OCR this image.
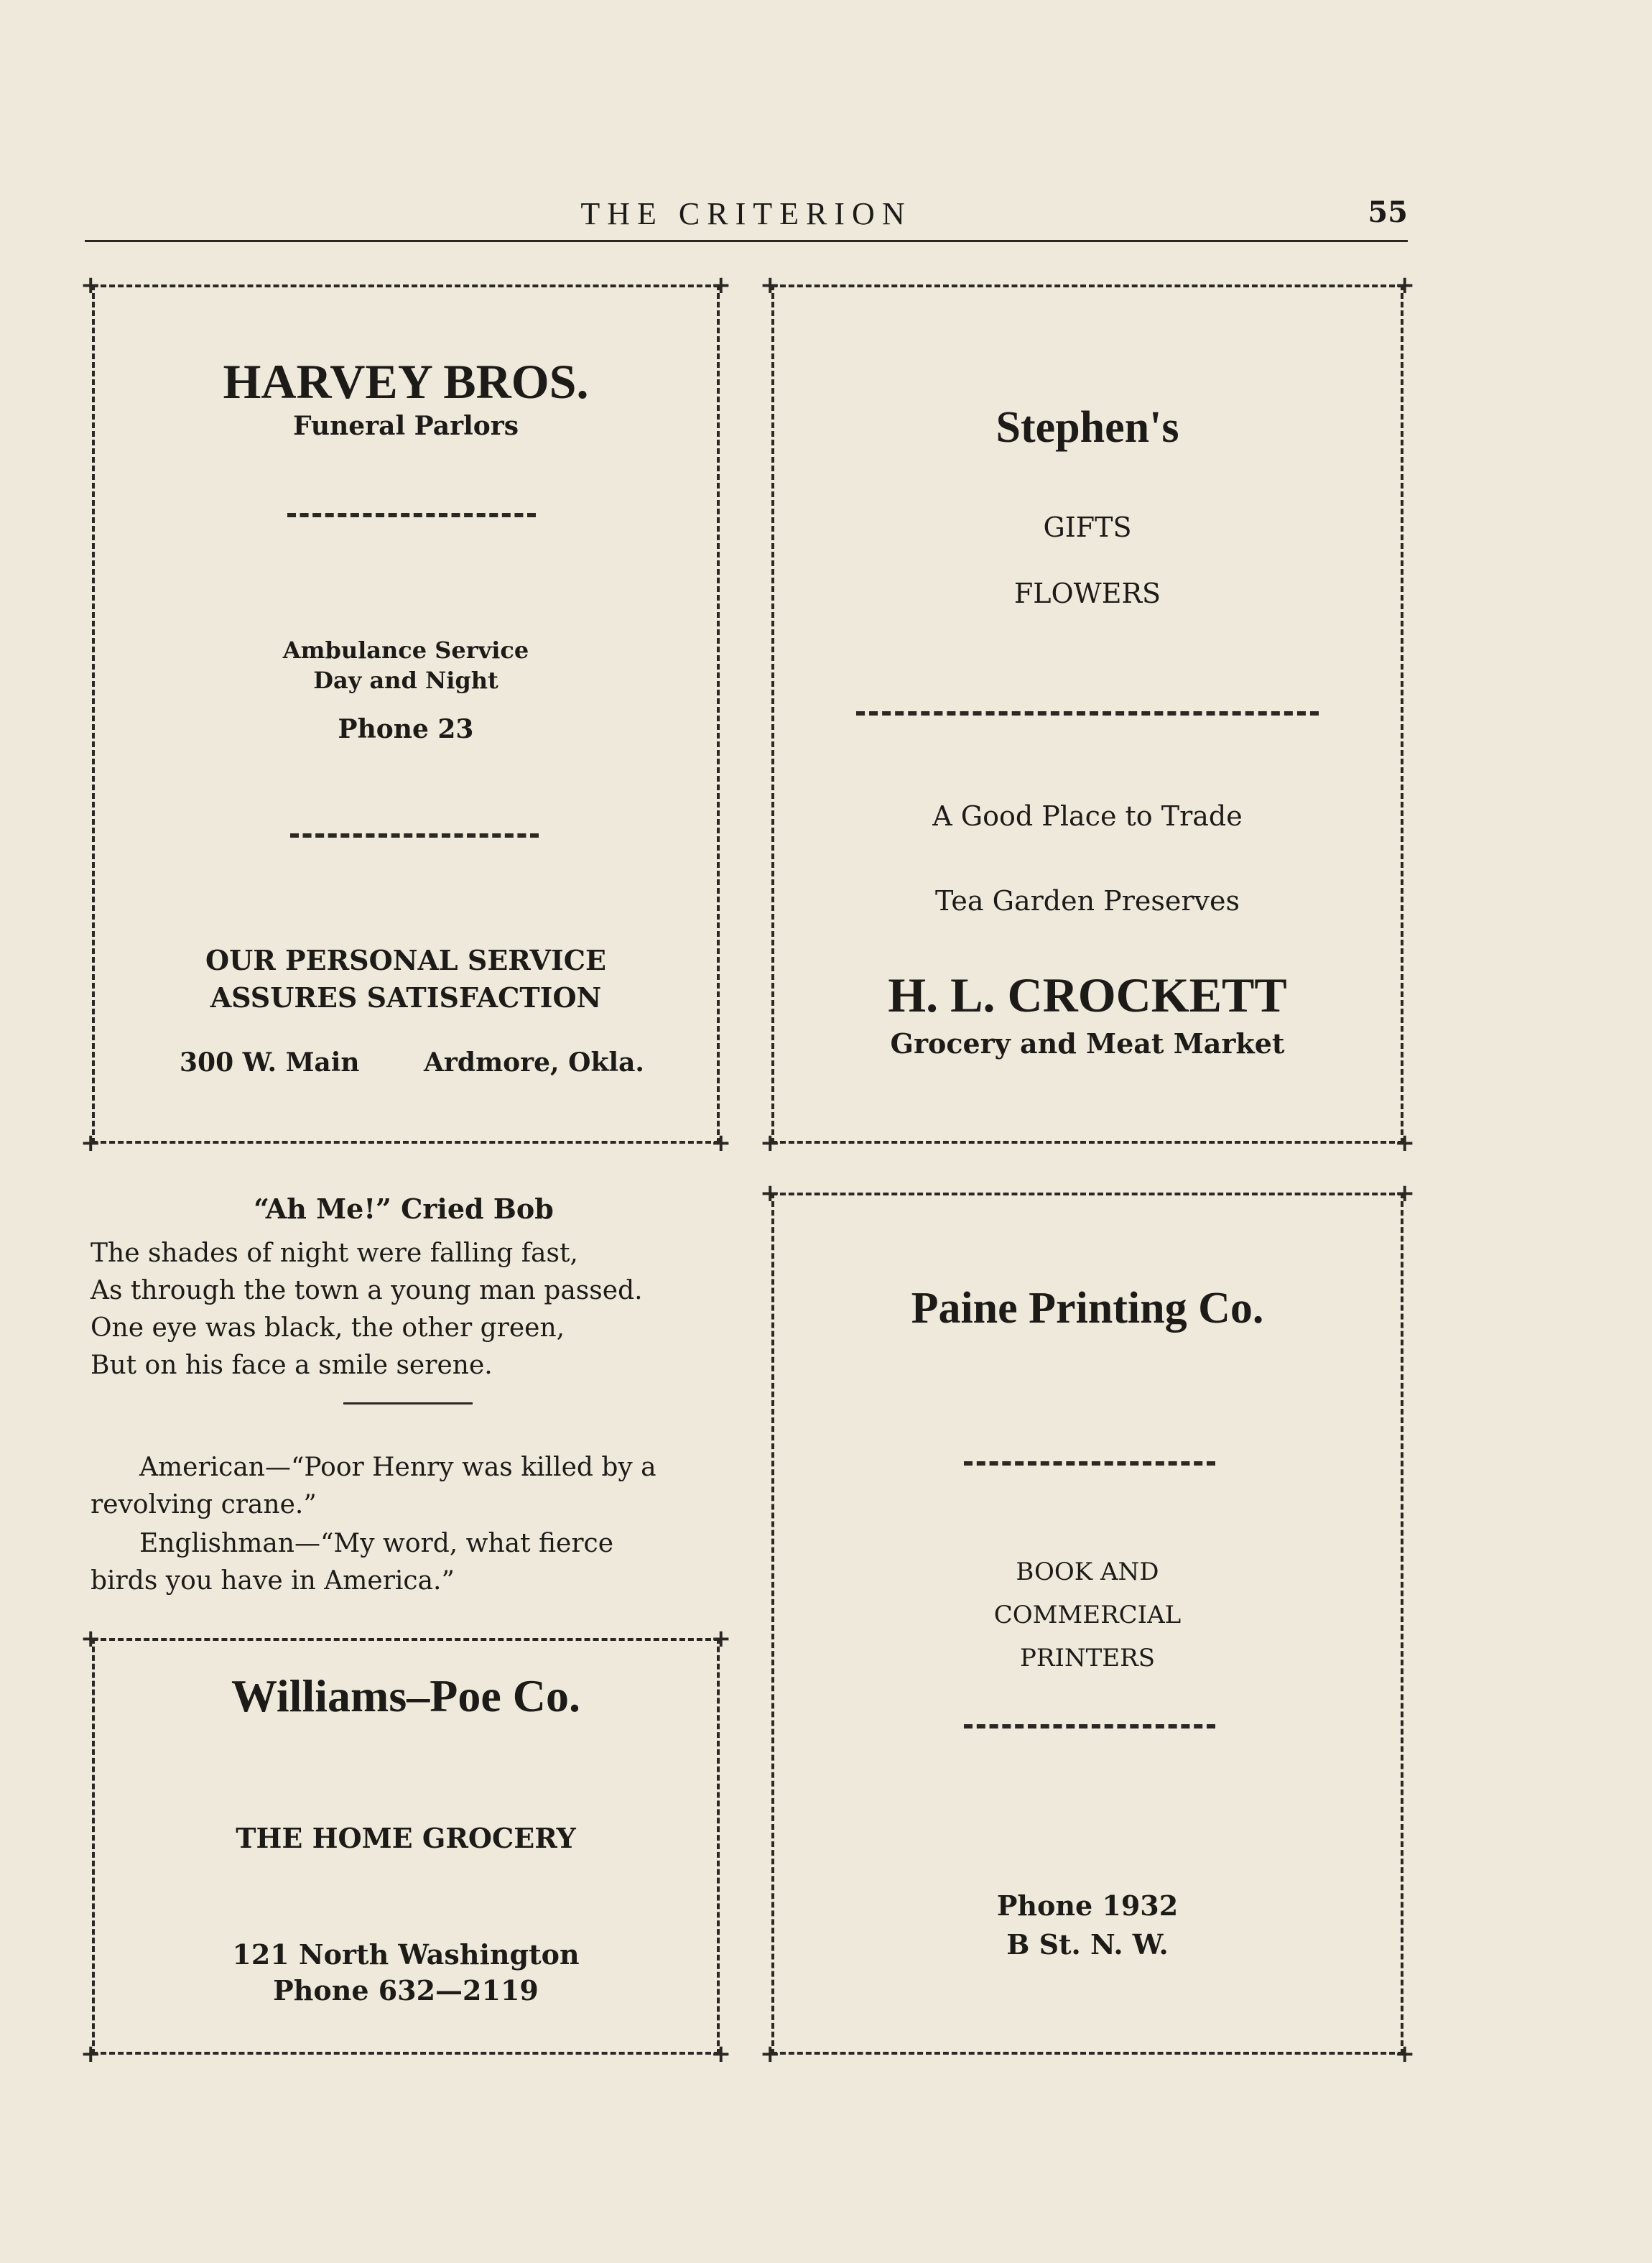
THE CRITERION	55
+	+
+	+
HARVEY BROS.
Funeral Parlors
Ambulance Service
Day and Night
Phone 23
OUR PERSONAL SERVICE
ASSURES SATISFACTION
300 W. Main Ardmore, Okla.
+	+
+	+
Stephen's
GIFTS
FLOWERS
A Good Place to Trade
Tea Garden Preserves
H. L. CROCKETT
Grocery and Meat Market
“Ah Me!” Cried Bob
The shades of night were falling fast,
As through the town a young man passed.
One eye was black, the other green,
But on his face a smile serene.
American—“Poor Henry was killed by a
revolving crane.”
Englishman—“My word, what fierce
birds you have in America.”
+	+
+	+
Williams–Poe Co.
THE HOME GROCERY
121 North Washington
Phone 632—2119
+	+
+	+
Paine Printing Co.
BOOK AND
COMMERCIAL
PRINTERS
Phone 1932
B St. N. W.
